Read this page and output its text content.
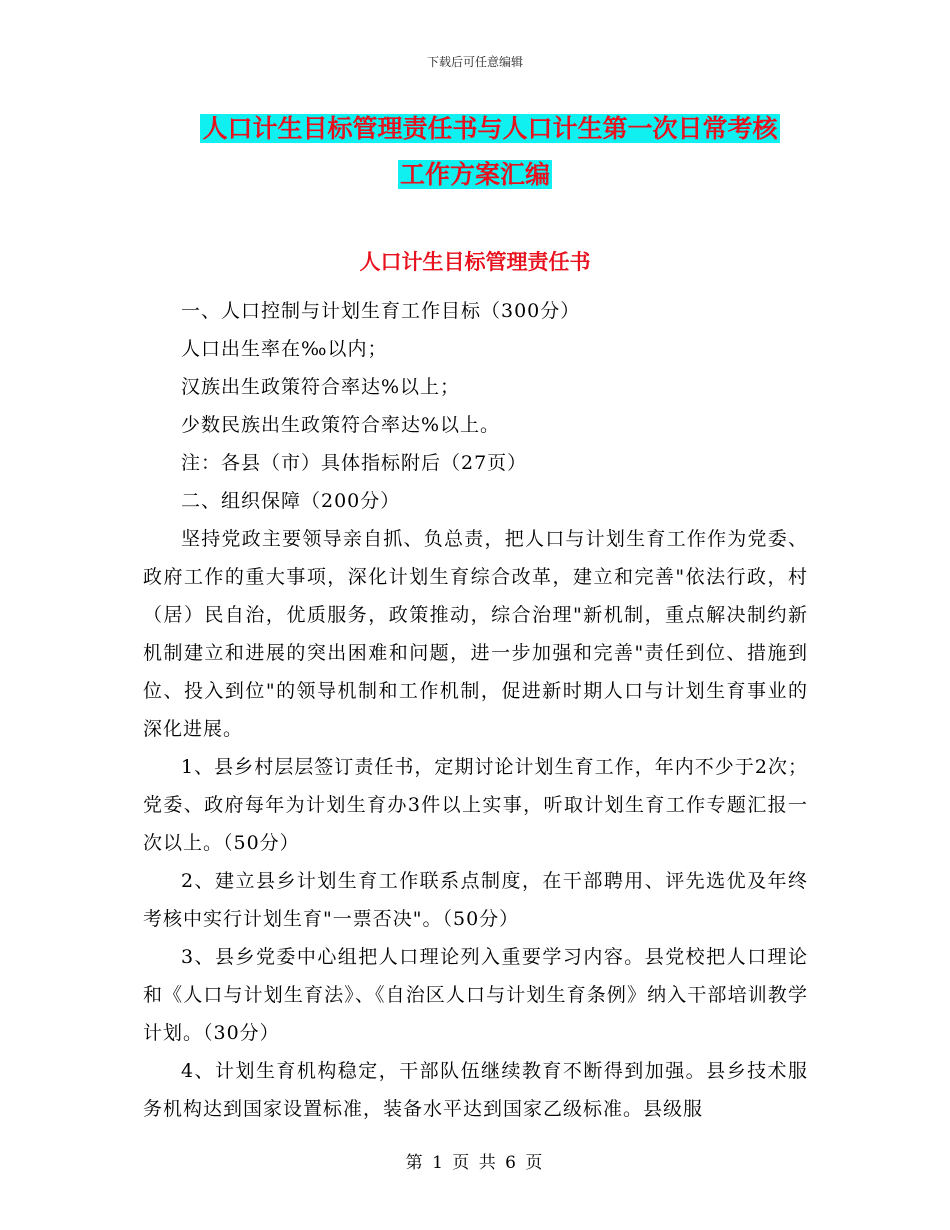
下载后可任意编辑
人口计生目标管理责任书与人口计生第一次日常考核
工作方案汇编
人口计生目标管理责任书

一、人口控制与计划生育工作目标（300分）

人口出生率在‰以内；

汉族出生政策符合率达%以上；

少数民族出生政策符合率达%以上。

注：各县（市）具体指标附后（27页）

二、组织保障（200分）

坚持党政主要领导亲自抓、负总责，把人口与计划生育工作作为党委、政府工作的重大事项，深化计划生育综合改革，建立和完善"依法行政，村（居）民自治，优质服务，政策推动，综合治理"新机制，重点解决制约新机制建立和进展的突出困难和问题，进一步加强和完善"责任到位、措施到位、投入到位"的领导机制和工作机制，促进新时期人口与计划生育事业的深化进展。

1、县乡村层层签订责任书，定期讨论计划生育工作，年内不少于2次；党委、政府每年为计划生育办3件以上实事，听取计划生育工作专题汇报一次以上。（50分）

2、建立县乡计划生育工作联系点制度，在干部聘用、评先选优及年终考核中实行计划生育"一票否决"。（50分）

3、县乡党委中心组把人口理论列入重要学习内容。县党校把人口理论和《人口与计划生育法》、《自治区人口与计划生育条例》纳入干部培训教学计划。（30分）

4、计划生育机构稳定，干部队伍继续教育不断得到加强。县乡技术服务机构达到国家设置标准，装备水平达到国家乙级标准。县级服

第 1 页 共 6 页
